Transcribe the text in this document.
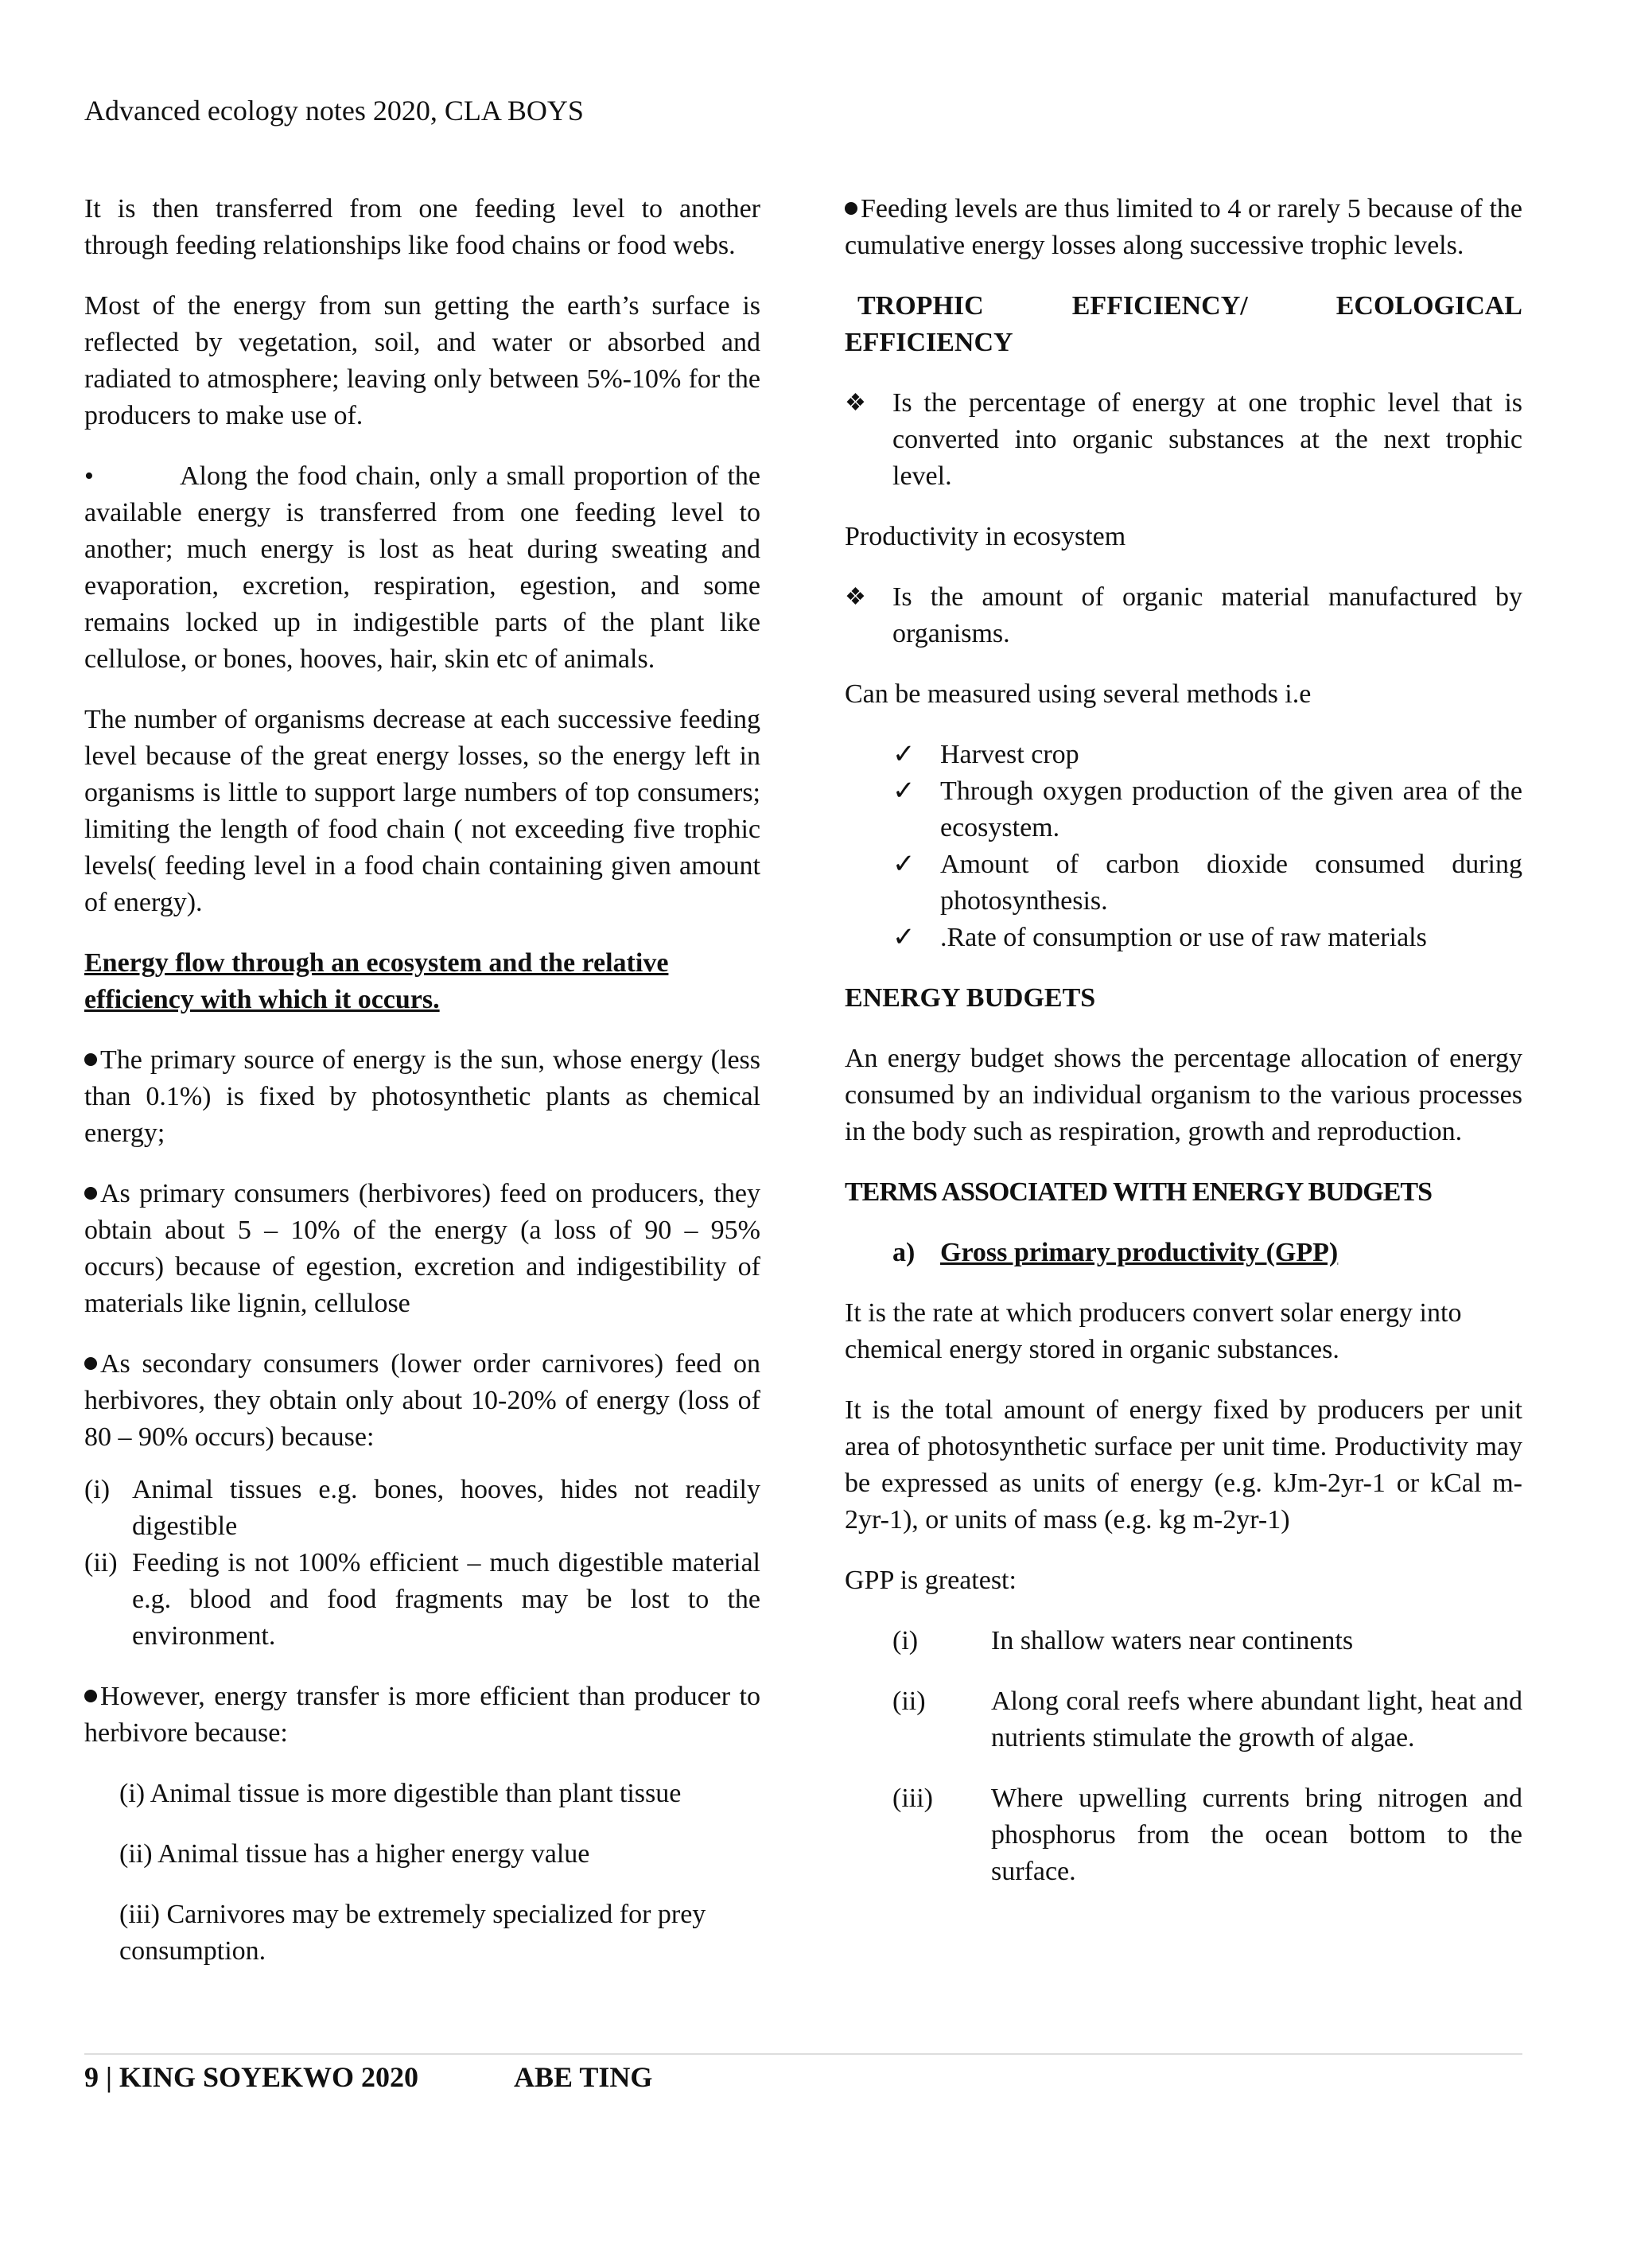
Advanced ecology notes 2020, CLA BOYS

It is then transferred from one feeding level to another through feeding relationships like food chains or food webs.

Most of the energy from sun getting the earth’s surface is reflected by vegetation, soil, and water or absorbed and radiated to atmosphere; leaving only between 5%-10% for the producers to make use of.

•	Along the food chain, only a small proportion of the available energy is transferred from one feeding level to another; much energy is lost as heat during sweating and evaporation, excretion, respiration, egestion, and some remains locked up in indigestible parts of the plant like cellulose, or bones, hooves, hair, skin etc of animals.

The number of organisms decrease at each successive feeding level because of the great energy losses, so the energy left in organisms is little to support large numbers of top consumers; limiting the length of food chain ( not exceeding five trophic levels( feeding level in a food chain containing given amount of energy).

Energy flow through an ecosystem and the relative efficiency with which it occurs.

The primary source of energy is the sun, whose energy (less than 0.1%) is fixed by photosynthetic plants as chemical energy;

As primary consumers (herbivores) feed on producers, they obtain about 5 – 10% of the energy (a loss of 90 – 95% occurs) because of egestion, excretion and indigestibility of materials like lignin, cellulose

As secondary consumers (lower order carnivores) feed on herbivores, they obtain only about 10-20% of energy (loss of 80 – 90% occurs) because:

(i) Animal tissues e.g. bones, hooves, hides not readily digestible
(ii) Feeding is not 100% efficient – much digestible material e.g. blood and food fragments may be lost to the environment.

However, energy transfer is more efficient than producer to herbivore because:

(i) Animal tissue is more digestible than plant tissue

(ii) Animal tissue has a higher energy value

(iii) Carnivores may be extremely specialized for prey consumption.

Feeding levels are thus limited to 4 or rarely 5 because of the cumulative energy losses along successive trophic levels.

TROPHIC	EFFICIENCY/	ECOLOGICAL
EFFICIENCY
❖ Is the percentage of energy at one trophic level that is converted into organic substances at the next trophic level.

Productivity in ecosystem

❖ Is the amount of organic material manufactured by organisms.

Can be measured using several methods i.e

✓ Harvest crop
✓ Through oxygen production of the given area of the ecosystem.
✓ Amount of carbon dioxide consumed during photosynthesis.
✓ .Rate of consumption or use of raw materials

ENERGY BUDGETS

An energy budget shows the percentage allocation of energy consumed by an individual organism to the various processes in the body such as respiration, growth and reproduction.

TERMS ASSOCIATED WITH ENERGY BUDGETS

a) Gross primary productivity (GPP)

It is the rate at which producers convert solar energy into chemical energy stored in organic substances.

It is the total amount of energy fixed by producers per unit area of photosynthetic surface per unit time. Productivity may be expressed as units of energy (e.g. kJm-2yr-1 or kCal m-2yr-1), or units of mass (e.g. kg m-2yr-1)

GPP is greatest:

(i)	In shallow waters near continents
(ii)	Along coral reefs where abundant light, heat and nutrients stimulate the growth of algae.
(iii)	Where upwelling currents bring nitrogen and phosphorus from the ocean bottom to the surface.
9 | KING SOYEKWO 2020	ABE TING
